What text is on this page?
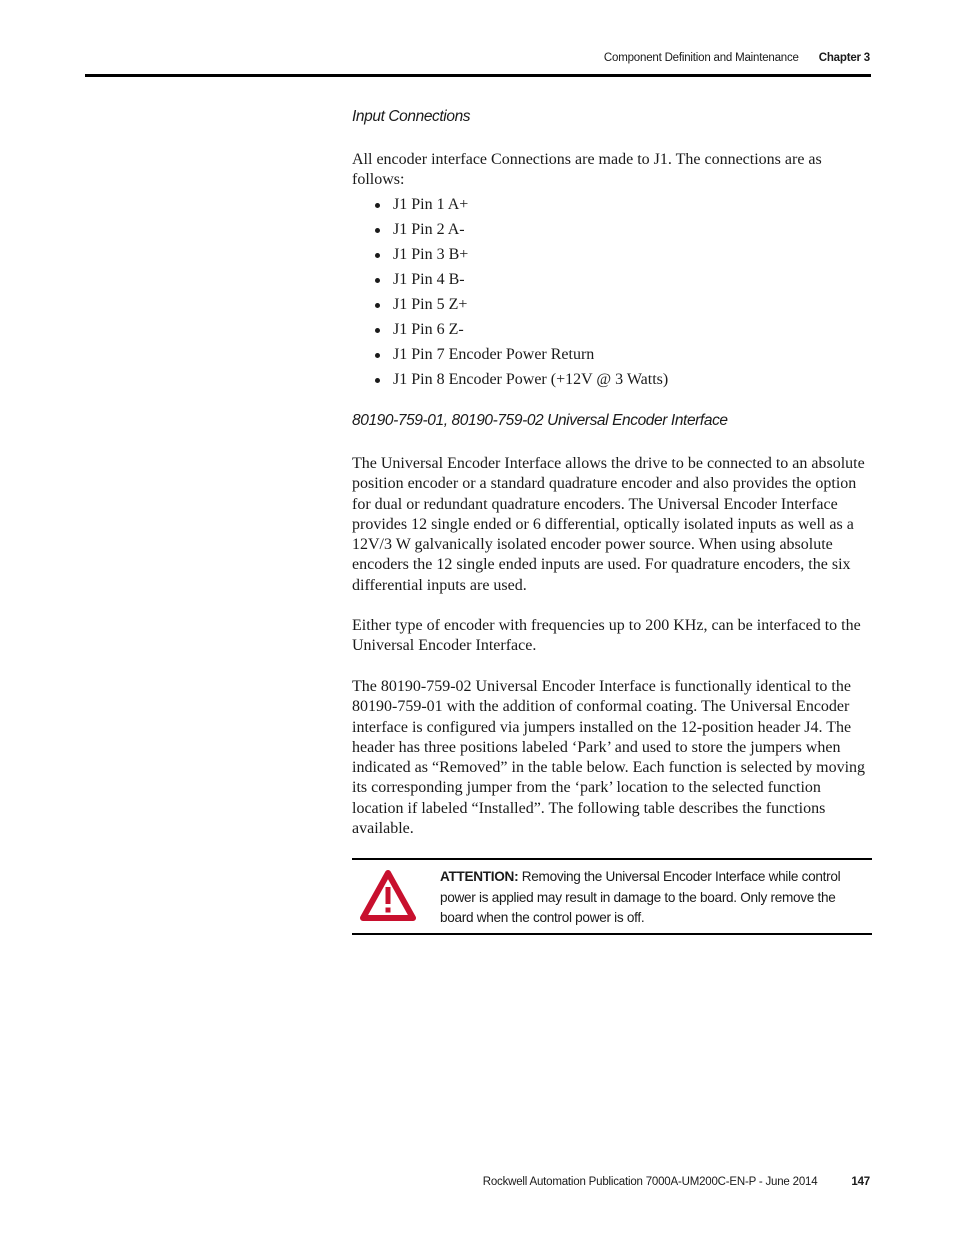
Component Definition and Maintenance Chapter 3
Input Connections

All encoder interface Connections are made to J1. The connections are as follows:

J1 Pin 1 A+
J1 Pin 2 A-
J1 Pin 3 B+
J1 Pin 4 B-
J1 Pin 5 Z+
J1 Pin 6 Z-
J1 Pin 7 Encoder Power Return
J1 Pin 8 Encoder Power (+12V @ 3 Watts)
80190-759-01, 80190-759-02 Universal Encoder Interface

The Universal Encoder Interface allows the drive to be connected to an absolute position encoder or a standard quadrature encoder and also provides the option for dual or redundant quadrature encoders. The Universal Encoder Interface provides 12 single ended or 6 differential, optically isolated inputs as well as a 12V/3 W galvanically isolated encoder power source. When using absolute encoders the 12 single ended inputs are used. For quadrature encoders, the six differential inputs are used.

Either type of encoder with frequencies up to 200 KHz, can be interfaced to the Universal Encoder Interface.

The 80190-759-02 Universal Encoder Interface is functionally identical to the 80190-759-01 with the addition of conformal coating. The Universal Encoder interface is configured via jumpers installed on the 12-position header J4. The header has three positions labeled ‘Park’ and used to store the jumpers when indicated as “Removed” in the table below. Each function is selected by moving its corresponding jumper from the ‘park’ location to the selected function location if labeled “Installed”. The following table describes the functions available.

ATTENTION: Removing the Universal Encoder Interface while control power is applied may result in damage to the board. Only remove the board when the control power is off.
Rockwell Automation Publication 7000A-UM200C-EN-P - June 2014	147
